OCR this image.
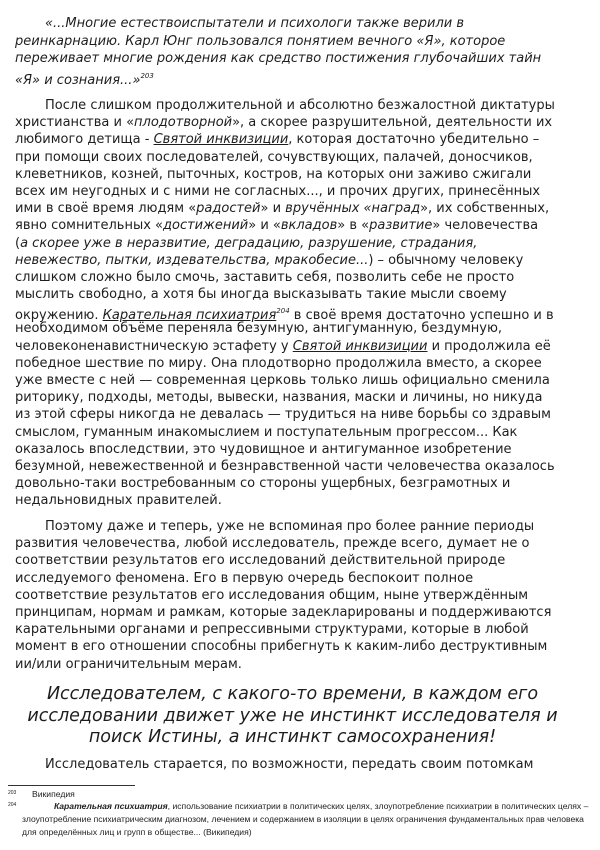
«...Многие естествоиспытатели и психологи также верили в
реинкарнацию. Карл Юнг пользовался понятием вечного «Я», которое
переживает многие рождения как средство постижения глубочайших тайн
«Я» и сознания...»$^{203}$
После слишком продолжительной и абсолютно безжалостной диктатуры
христианства и «плодотворной», а скорее разрушительной, деятельности их
любимого детища - Святой инквизиции, которая достаточно убедительно –
при помощи своих последователей, сочувствующих, палачей, доносчиков,
клеветников, козней, пыточных, костров, на которых они заживо сжигали
всех им неугодных и с ними не согласных..., и прочих других, принесённых
ими в своё время людям «радостей» и вручённых «наград», их собственных,
явно сомнительных «достижений» и «вкладов» в «развитие» человечества
(а скорее уже в неразвитие, деградацию, разрушение, страдания,
невежество, пытки, издевательства, мракобесие...) – обычному человеку
слишком сложно было смочь, заставить себя, позволить себе не просто
мыслить свободно, а хотя бы иногда высказывать такие мысли своему
окружению. Карательная психиатрия$^{204}$ в своё время достаточно успешно и в
необходимом объёме переняла безумную, антигуманную, бездумную,
человеконенавистническую эстафету у Святой инквизиции и продолжила её
победное шествие по миру. Она плодотворно продолжила вместо, а скорее
уже вместе с ней — современная церковь только лишь официально сменила
риторику, подходы, методы, вывески, названия, маски и личины, но никуда
из этой сферы никогда не девалась — трудиться на ниве борьбы со здравым
смыслом, гуманным инакомыслием и поступательным прогрессом... Как
оказалось впоследствии, это чудовищное и антигуманное изобретение
безумной, невежественной и безнравственной части человечества оказалось
довольно-таки востребованным со стороны ущербных, безграмотных и
недальновидных правителей.
Поэтому даже и теперь, уже не вспоминая про более ранние периоды
развития человечества, любой исследователь, прежде всего, думает не о
соответствии результатов его исследований действительной природе
исследуемого феномена. Его в первую очередь беспокоит полное
соответствие результатов его исследования общим, ныне утверждённым
принципам, нормам и рамкам, которые задекларированы и поддерживаются
карательными органами и репрессивными структурами, которые в любой
момент в его отношении способны прибегнуть к каким-либо деструктивным
ии/или ограничительным мерам.
Исследователем, с какого-то времени, в каждом его
исследовании движет уже не инстинкт исследователя и
поиск Истины, а инстинкт самосохранения!
Исследователь старается, по возможности, передать своим потомкам
203 Википедия
204	Карательная психиатрия, использование психиатрии в политических целях, злоупотребление психиатрии в политических целях – злоупотребление психиатрическим диагнозом, лечением и содержанием в изоляции в целях ограничения фундаментальных прав человека для определённых лиц и групп в обществе... (Википедия)
